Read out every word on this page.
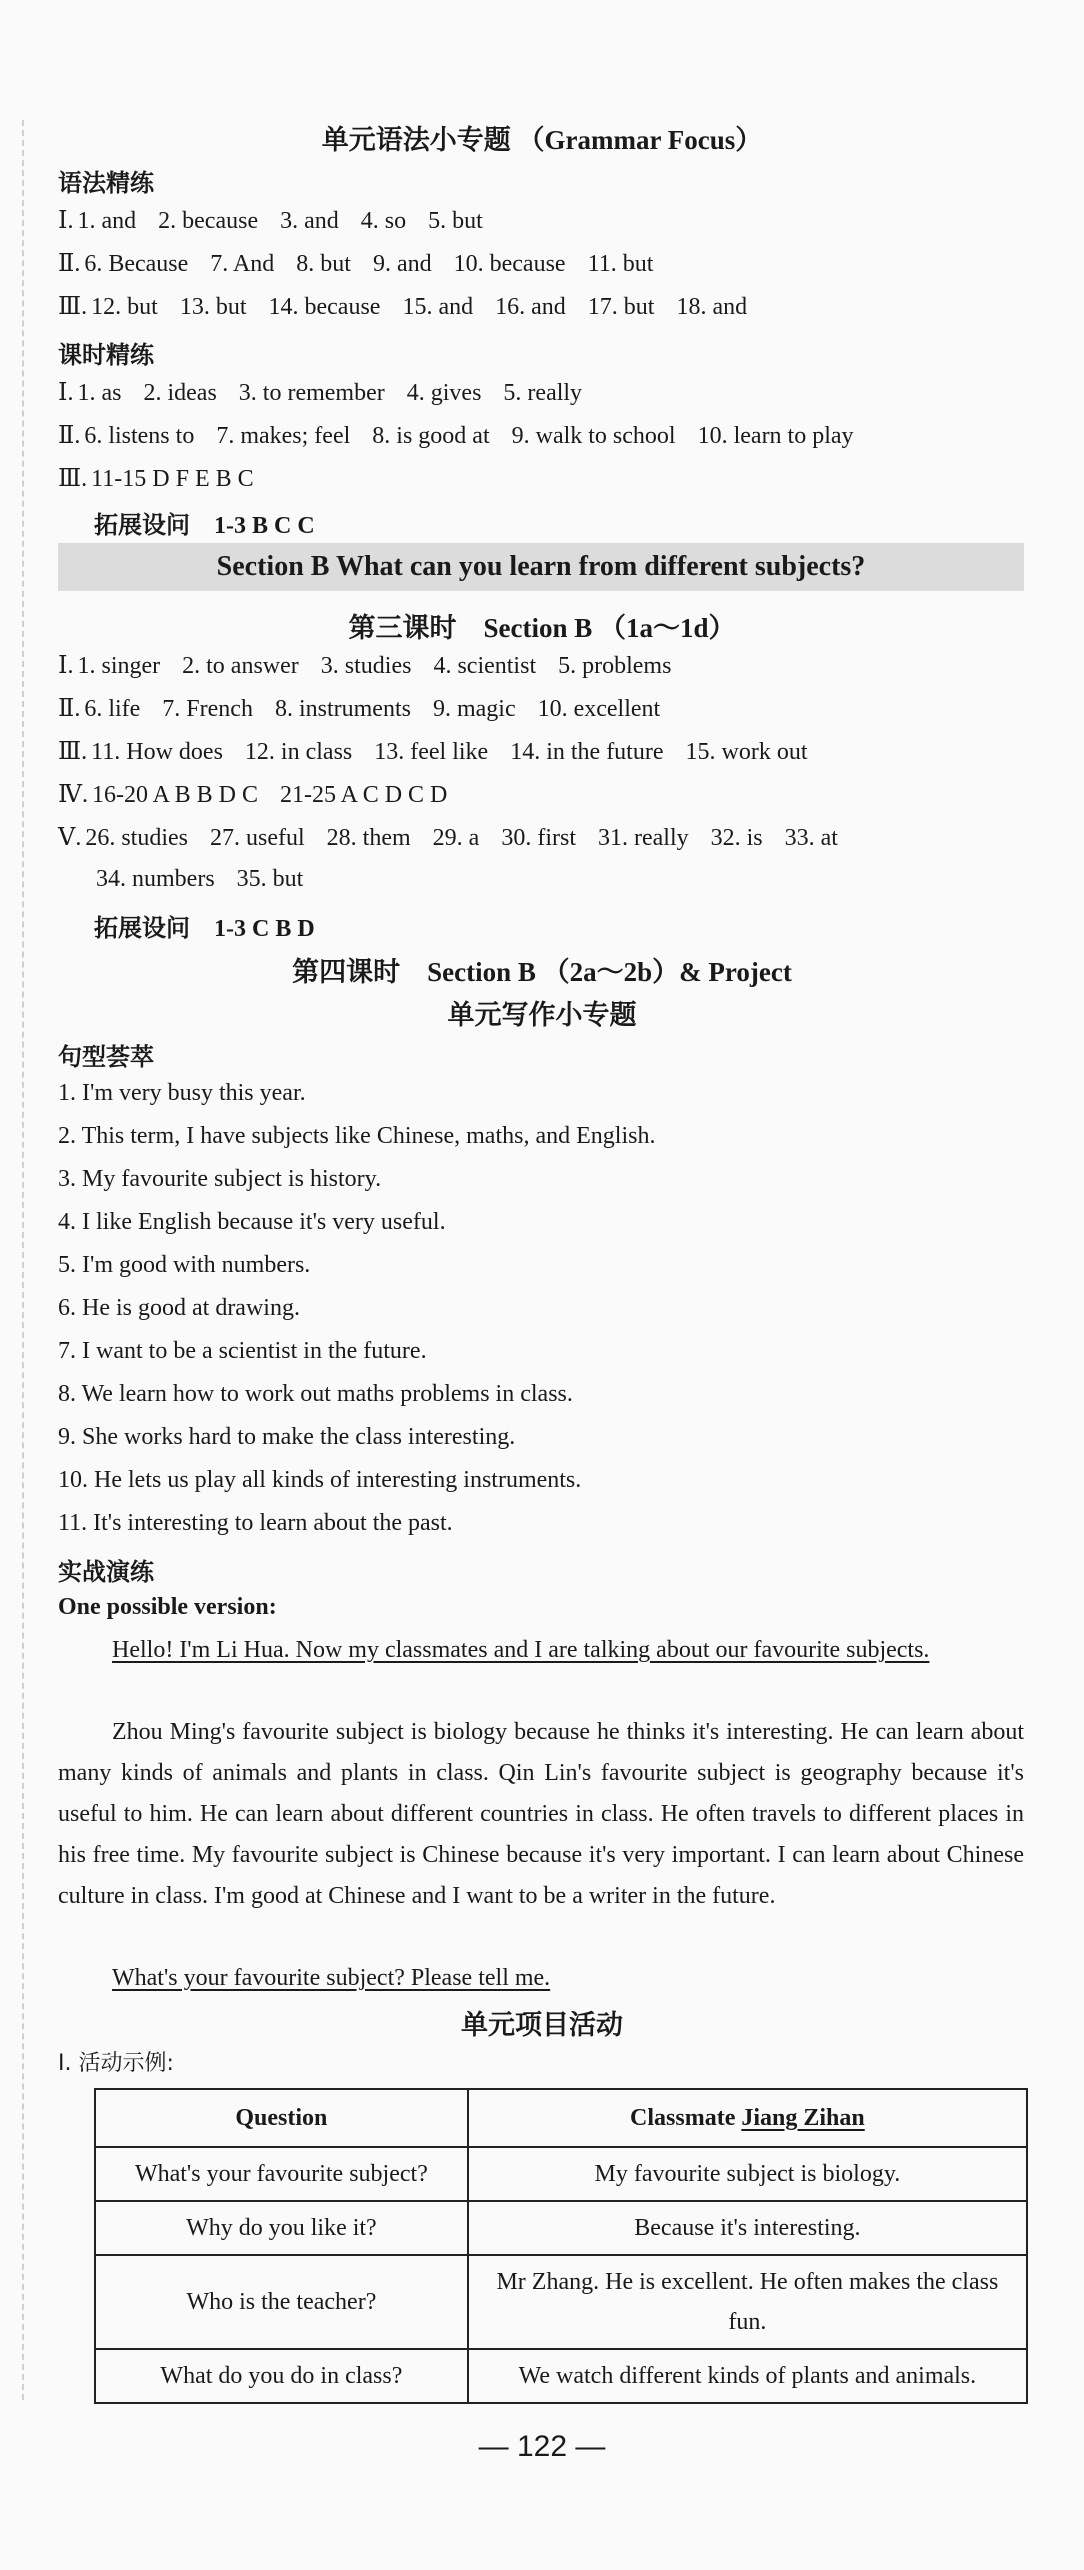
单元语法小专题 （Grammar Focus）
语法精练
Ⅰ. 1. and 2. because 3. and 4. so 5. but
Ⅱ. 6. Because 7. And 8. but 9. and 10. because 11. but
Ⅲ. 12. but 13. but 14. because 15. and 16. and 17. but 18. and
课时精练
Ⅰ. 1. as 2. ideas 3. to remember 4. gives 5. really
Ⅱ. 6. listens to 7. makes; feel 8. is good at 9. walk to school 10. learn to play
Ⅲ. 11-15 D F E B C
拓展设问　1-3 B C C
Section B What can you learn from different subjects?
第三课时　Section B （1a～1d）
Ⅰ. 1. singer 2. to answer 3. studies 4. scientist 5. problems
Ⅱ. 6. life 7. French 8. instruments 9. magic 10. excellent
Ⅲ. 11. How does 12. in class 13. feel like 14. in the future 15. work out
Ⅳ. 16-20 A B B D C 21-25 A C D C D
Ⅴ. 26. studies 27. useful 28. them 29. a 30. first 31. really 32. is 33. at
34. numbers 35. but
拓展设问　1-3 C B D
第四课时　Section B （2a～2b）& Project
单元写作小专题
句型荟萃
1. I'm very busy this year.
2. This term, I have subjects like Chinese, maths, and English.
3. My favourite subject is history.
4. I like English because it's very useful.
5. I'm good with numbers.
6. He is good at drawing.
7. I want to be a scientist in the future.
8. We learn how to work out maths problems in class.
9. She works hard to make the class interesting.
10. He lets us play all kinds of interesting instruments.
11. It's interesting to learn about the past.
实战演练
One possible version:
Hello! I'm Li Hua. Now my classmates and I are talking about our favourite subjects.
Zhou Ming's favourite subject is biology because he thinks it's interesting. He can learn about many kinds of animals and plants in class. Qin Lin's favourite subject is geography because it's useful to him. He can learn about different countries in class. He often travels to different places in his free time. My favourite subject is Chinese because it's very important. I can learn about Chinese culture in class. I'm good at Chinese and I want to be a writer in the future.
What's your favourite subject? Please tell me.
单元项目活动
Ⅰ. 活动示例:
Question	Classmate Jiang Zihan
What's your favourite subject?	My favourite subject is biology.
Why do you like it?	Because it's interesting.
Who is the teacher?	Mr Zhang. He is excellent. He often makes the class fun.
What do you do in class?	We watch different kinds of plants and animals.
— 122 —
